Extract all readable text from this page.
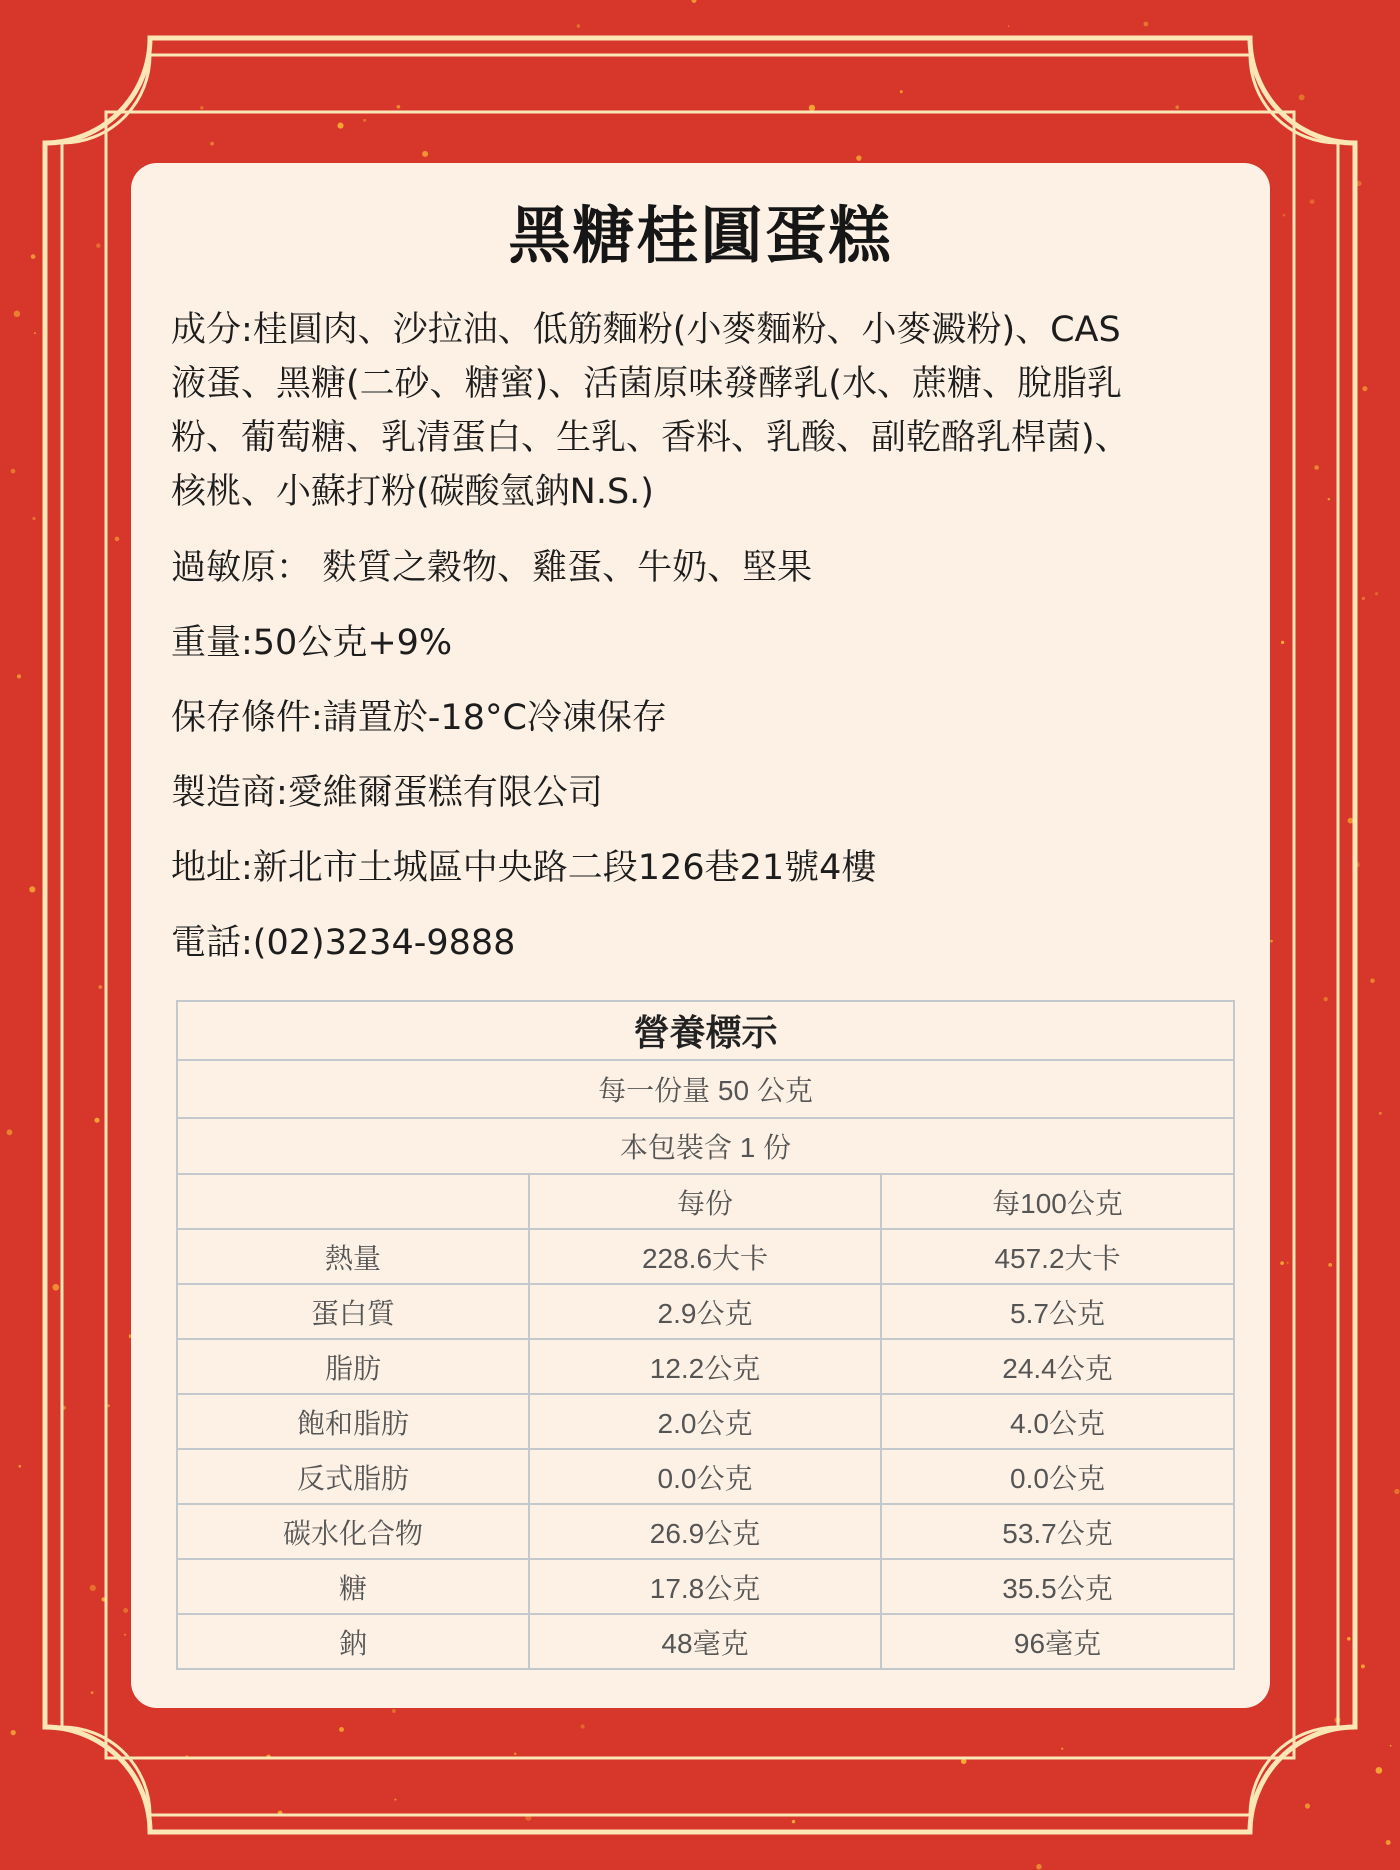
黑糖桂圓蛋糕
成分:桂圓肉、沙拉油、低筋麵粉(小麥麵粉、小麥澱粉)、CAS
液蛋、黑糖(二砂、糖蜜)、活菌原味發酵乳(水、蔗糖、脫脂乳
粉、葡萄糖、乳清蛋白、生乳、香料、乳酸、副乾酪乳桿菌)、
核桃、小蘇打粉(碳酸氫鈉N.S.)
過敏原： 麩質之穀物、雞蛋、牛奶、堅果
重量:50公克+9%
保存條件:請置於-18°C冷凍保存
製造商:愛維爾蛋糕有限公司
地址:新北市土城區中央路二段126巷21號4樓
電話:(02)3234-9888
營養標示		
每一份量 50 公克		
本包裝含 1 份		
	每份	每100公克
熱量	228.6大卡	457.2大卡
蛋白質	2.9公克	5.7公克
脂肪	12.2公克	24.4公克
飽和脂肪	2.0公克	4.0公克
反式脂肪	0.0公克	0.0公克
碳水化合物	26.9公克	53.7公克
糖	17.8公克	35.5公克
鈉	48毫克	96毫克
